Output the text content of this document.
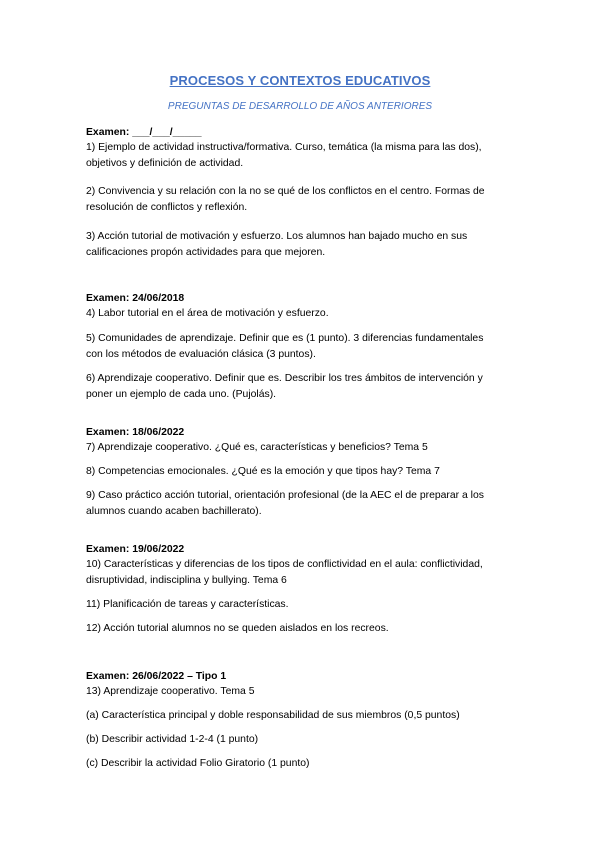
PROCESOS Y CONTEXTOS EDUCATIVOS
PREGUNTAS DE DESARROLLO DE AÑOS ANTERIORES
Examen: ___/___/_____
1) Ejemplo de actividad instructiva/formativa. Curso, temática (la misma para las dos),
objetivos y definición de actividad.
2) Convivencia y su relación con la no se qué de los conflictos en el centro. Formas de
resolución de conflictos y reflexión.
3) Acción tutorial de motivación y esfuerzo. Los alumnos han bajado mucho en sus
calificaciones propón actividades para que mejoren.
Examen: 24/06/2018
4) Labor tutorial en el área de motivación y esfuerzo.
5) Comunidades de aprendizaje. Definir que es (1 punto). 3 diferencias fundamentales
con los métodos de evaluación clásica (3 puntos).
6) Aprendizaje cooperativo. Definir que es. Describir los tres ámbitos de intervención y
poner un ejemplo de cada uno. (Pujolás).
Examen: 18/06/2022
7) Aprendizaje cooperativo. ¿Qué es, características y beneficios? Tema 5
8) Competencias emocionales. ¿Qué es la emoción y que tipos hay? Tema 7
9) Caso práctico acción tutorial, orientación profesional (de la AEC el de preparar a los
alumnos cuando acaben bachillerato).
Examen: 19/06/2022
10) Características y diferencias de los tipos de conflictividad en el aula: conflictividad,
disruptividad, indisciplina y bullying. Tema 6
11) Planificación de tareas y características.
12) Acción tutorial alumnos no se queden aislados en los recreos.
Examen: 26/06/2022 – Tipo 1
13) Aprendizaje cooperativo. Tema 5
(a) Característica principal y doble responsabilidad de sus miembros (0,5 puntos)
(b) Describir actividad 1-2-4 (1 punto)
(c) Describir la actividad Folio Giratorio (1 punto)
